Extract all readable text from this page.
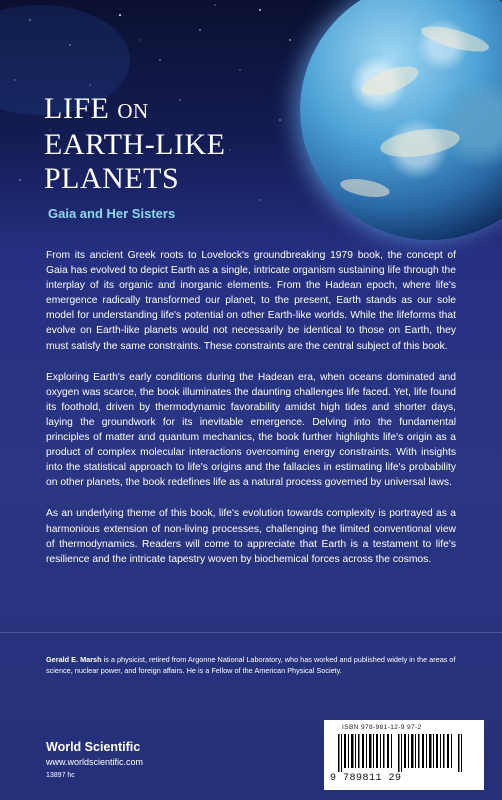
LIFE ON
EARTH-LIKE
PLANETS
Gaia and Her Sisters

From its ancient Greek roots to Lovelock's groundbreaking 1979 book, the concept of Gaia has evolved to depict Earth as a single, intricate organism sustaining life through the interplay of its organic and inorganic elements. From the Hadean epoch, where life's emergence radically transformed our planet, to the present, Earth stands as our sole model for understanding life's potential on other Earth-like worlds. While the lifeforms that evolve on Earth-like planets would not necessarily be identical to those on Earth, they must satisfy the same constraints. These constraints are the central subject of this book.

Exploring Earth's early conditions during the Hadean era, when oceans dominated and oxygen was scarce, the book illuminates the daunting challenges life faced. Yet, life found its foothold, driven by thermodynamic favorability amidst high tides and shorter days, laying the groundwork for its inevitable emergence. Delving into the fundamental principles of matter and quantum mechanics, the book further highlights life's origin as a product of complex molecular interactions overcoming energy constraints. With insights into the statistical approach to life's origins and the fallacies in estimating life's probability on other planets, the book redefines life as a natural process governed by universal laws.

As an underlying theme of this book, life's evolution towards complexity is portrayed as a harmonious extension of non-living processes, challenging the limited conventional view of thermodynamics. Readers will come to appreciate that Earth is a testament to life's resilience and the intricate tapestry woven by biochemical forces across the cosmos.

Gerald E. Marsh is a physicist, retired from Argonne National Laboratory, who has worked and published widely in the areas of science, nuclear power, and foreign affairs. He is a Fellow of the American Physical Society.

World Scientific
www.worldscientific.com
13897 hc
ISBN 978-981-12-9 97-2
9 789811 29
